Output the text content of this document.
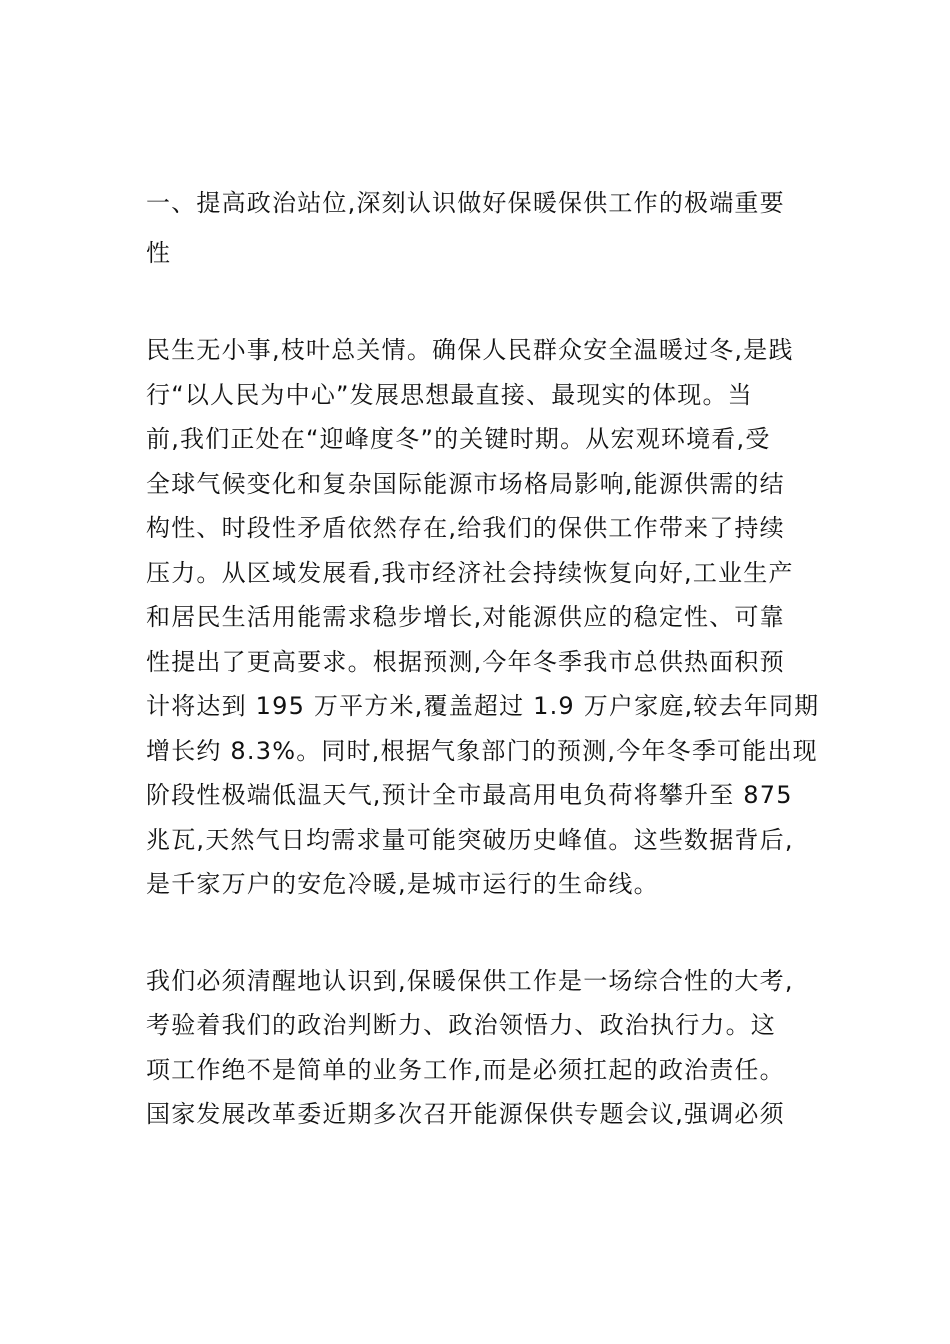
一、提高政治站位,深刻认识做好保暖保供工作的极端重要
性
民生无小事,枝叶总关情。确保人民群众安全温暖过冬,是践
行“以人民为中心”发展思想最直接、最现实的体现。当
前,我们正处在“迎峰度冬”的关键时期。从宏观环境看,受
全球气候变化和复杂国际能源市场格局影响,能源供需的结
构性、时段性矛盾依然存在,给我们的保供工作带来了持续
压力。从区域发展看,我市经济社会持续恢复向好,工业生产
和居民生活用能需求稳步增长,对能源供应的稳定性、可靠
性提出了更高要求。根据预测,今年冬季我市总供热面积预
计将达到 195 万平方米,覆盖超过 1.9 万户家庭,较去年同期
增长约 8.3%。同时,根据气象部门的预测,今年冬季可能出现
阶段性极端低温天气,预计全市最高用电负荷将攀升至 875
兆瓦,天然气日均需求量可能突破历史峰值。这些数据背后,
是千家万户的安危冷暖,是城市运行的生命线。
我们必须清醒地认识到,保暖保供工作是一场综合性的大考,
考验着我们的政治判断力、政治领悟力、政治执行力。这
项工作绝不是简单的业务工作,而是必须扛起的政治责任。
国家发展改革委近期多次召开能源保供专题会议,强调必须
